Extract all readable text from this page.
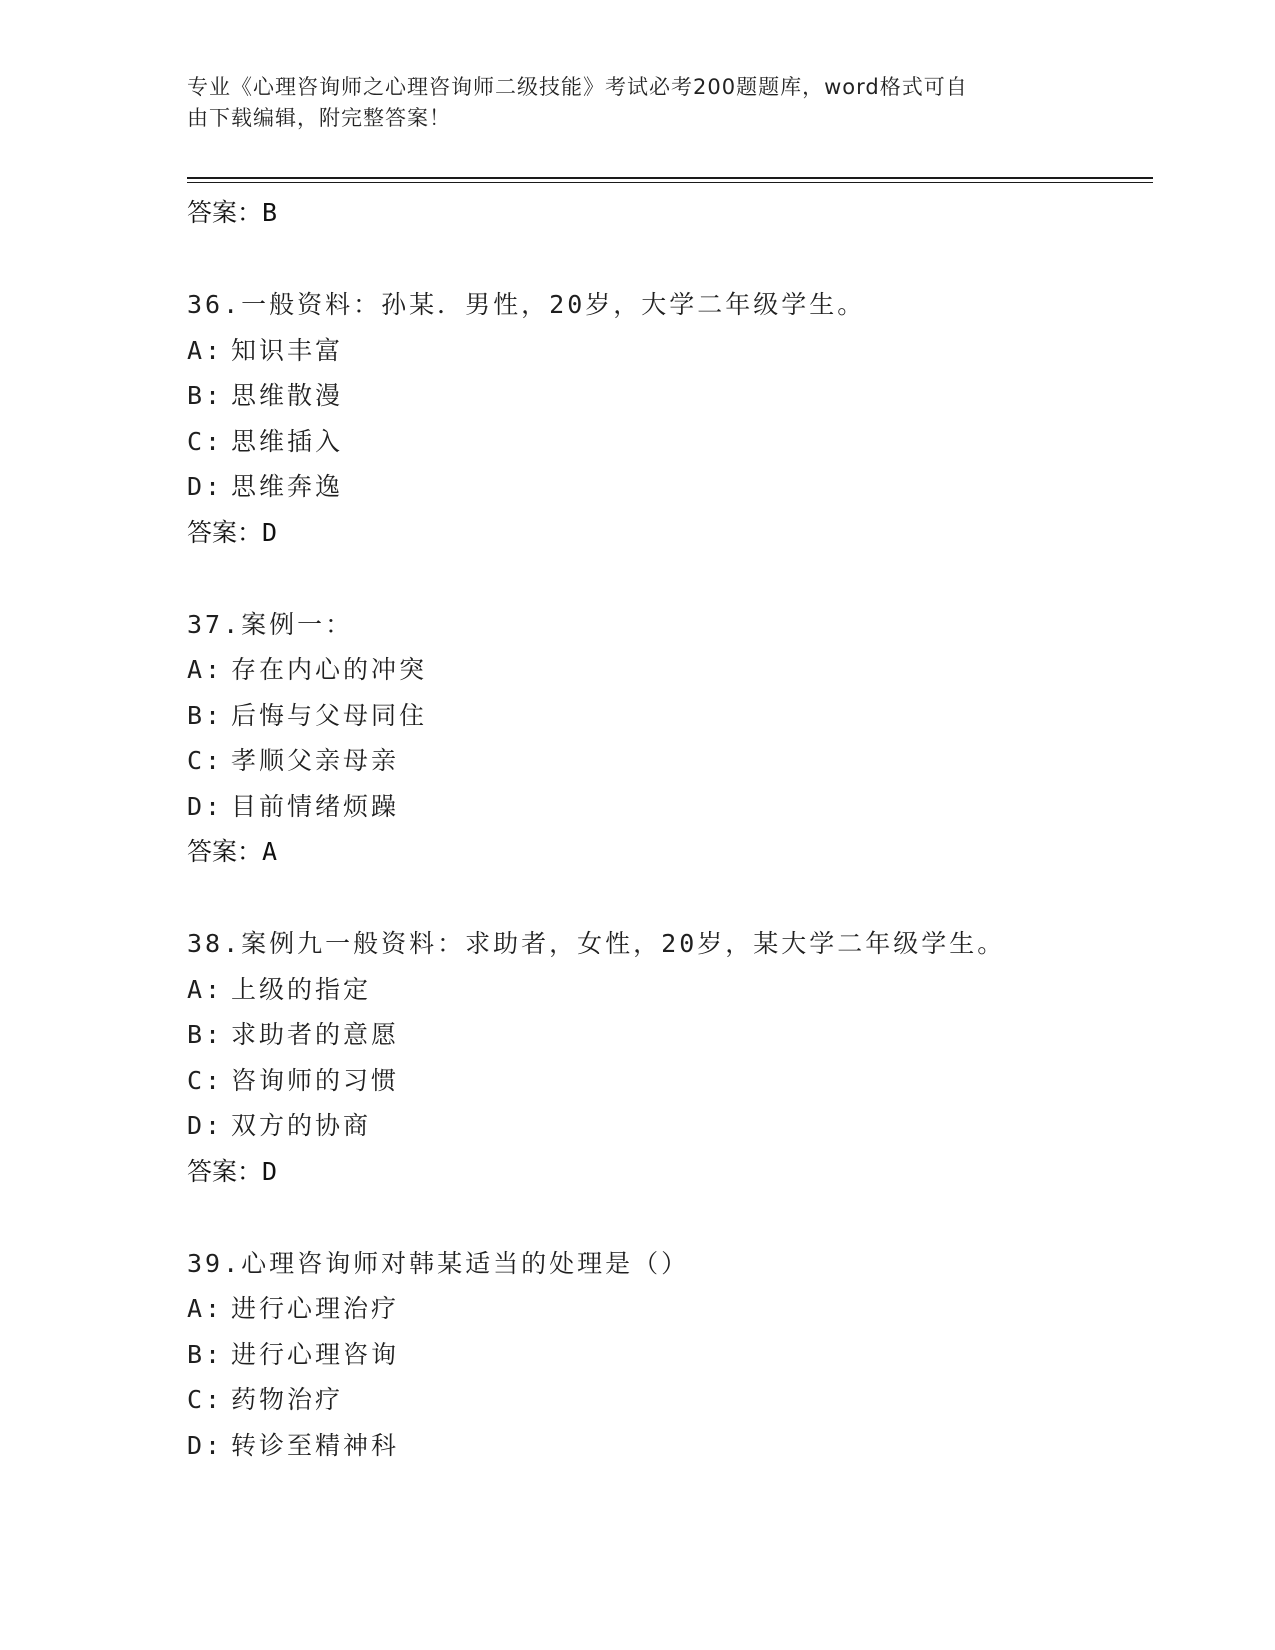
专业《心理咨询师之心理咨询师二级技能》考试必考200题题库，word格式可自
由下载编辑，附完整答案！
答案：B
36.一般资料：孙某．男性，20岁，大学二年级学生。
A: 知识丰富
B: 思维散漫
C: 思维插入
D: 思维奔逸
答案：D
37.案例一：
A: 存在内心的冲突
B: 后悔与父母同住
C: 孝顺父亲母亲
D: 目前情绪烦躁
答案：A
38.案例九一般资料：求助者，女性，20岁，某大学二年级学生。
A: 上级的指定
B: 求助者的意愿
C: 咨询师的习惯
D: 双方的协商
答案：D
39.心理咨询师对韩某适当的处理是（）
A: 进行心理治疗
B: 进行心理咨询
C: 药物治疗
D: 转诊至精神科
